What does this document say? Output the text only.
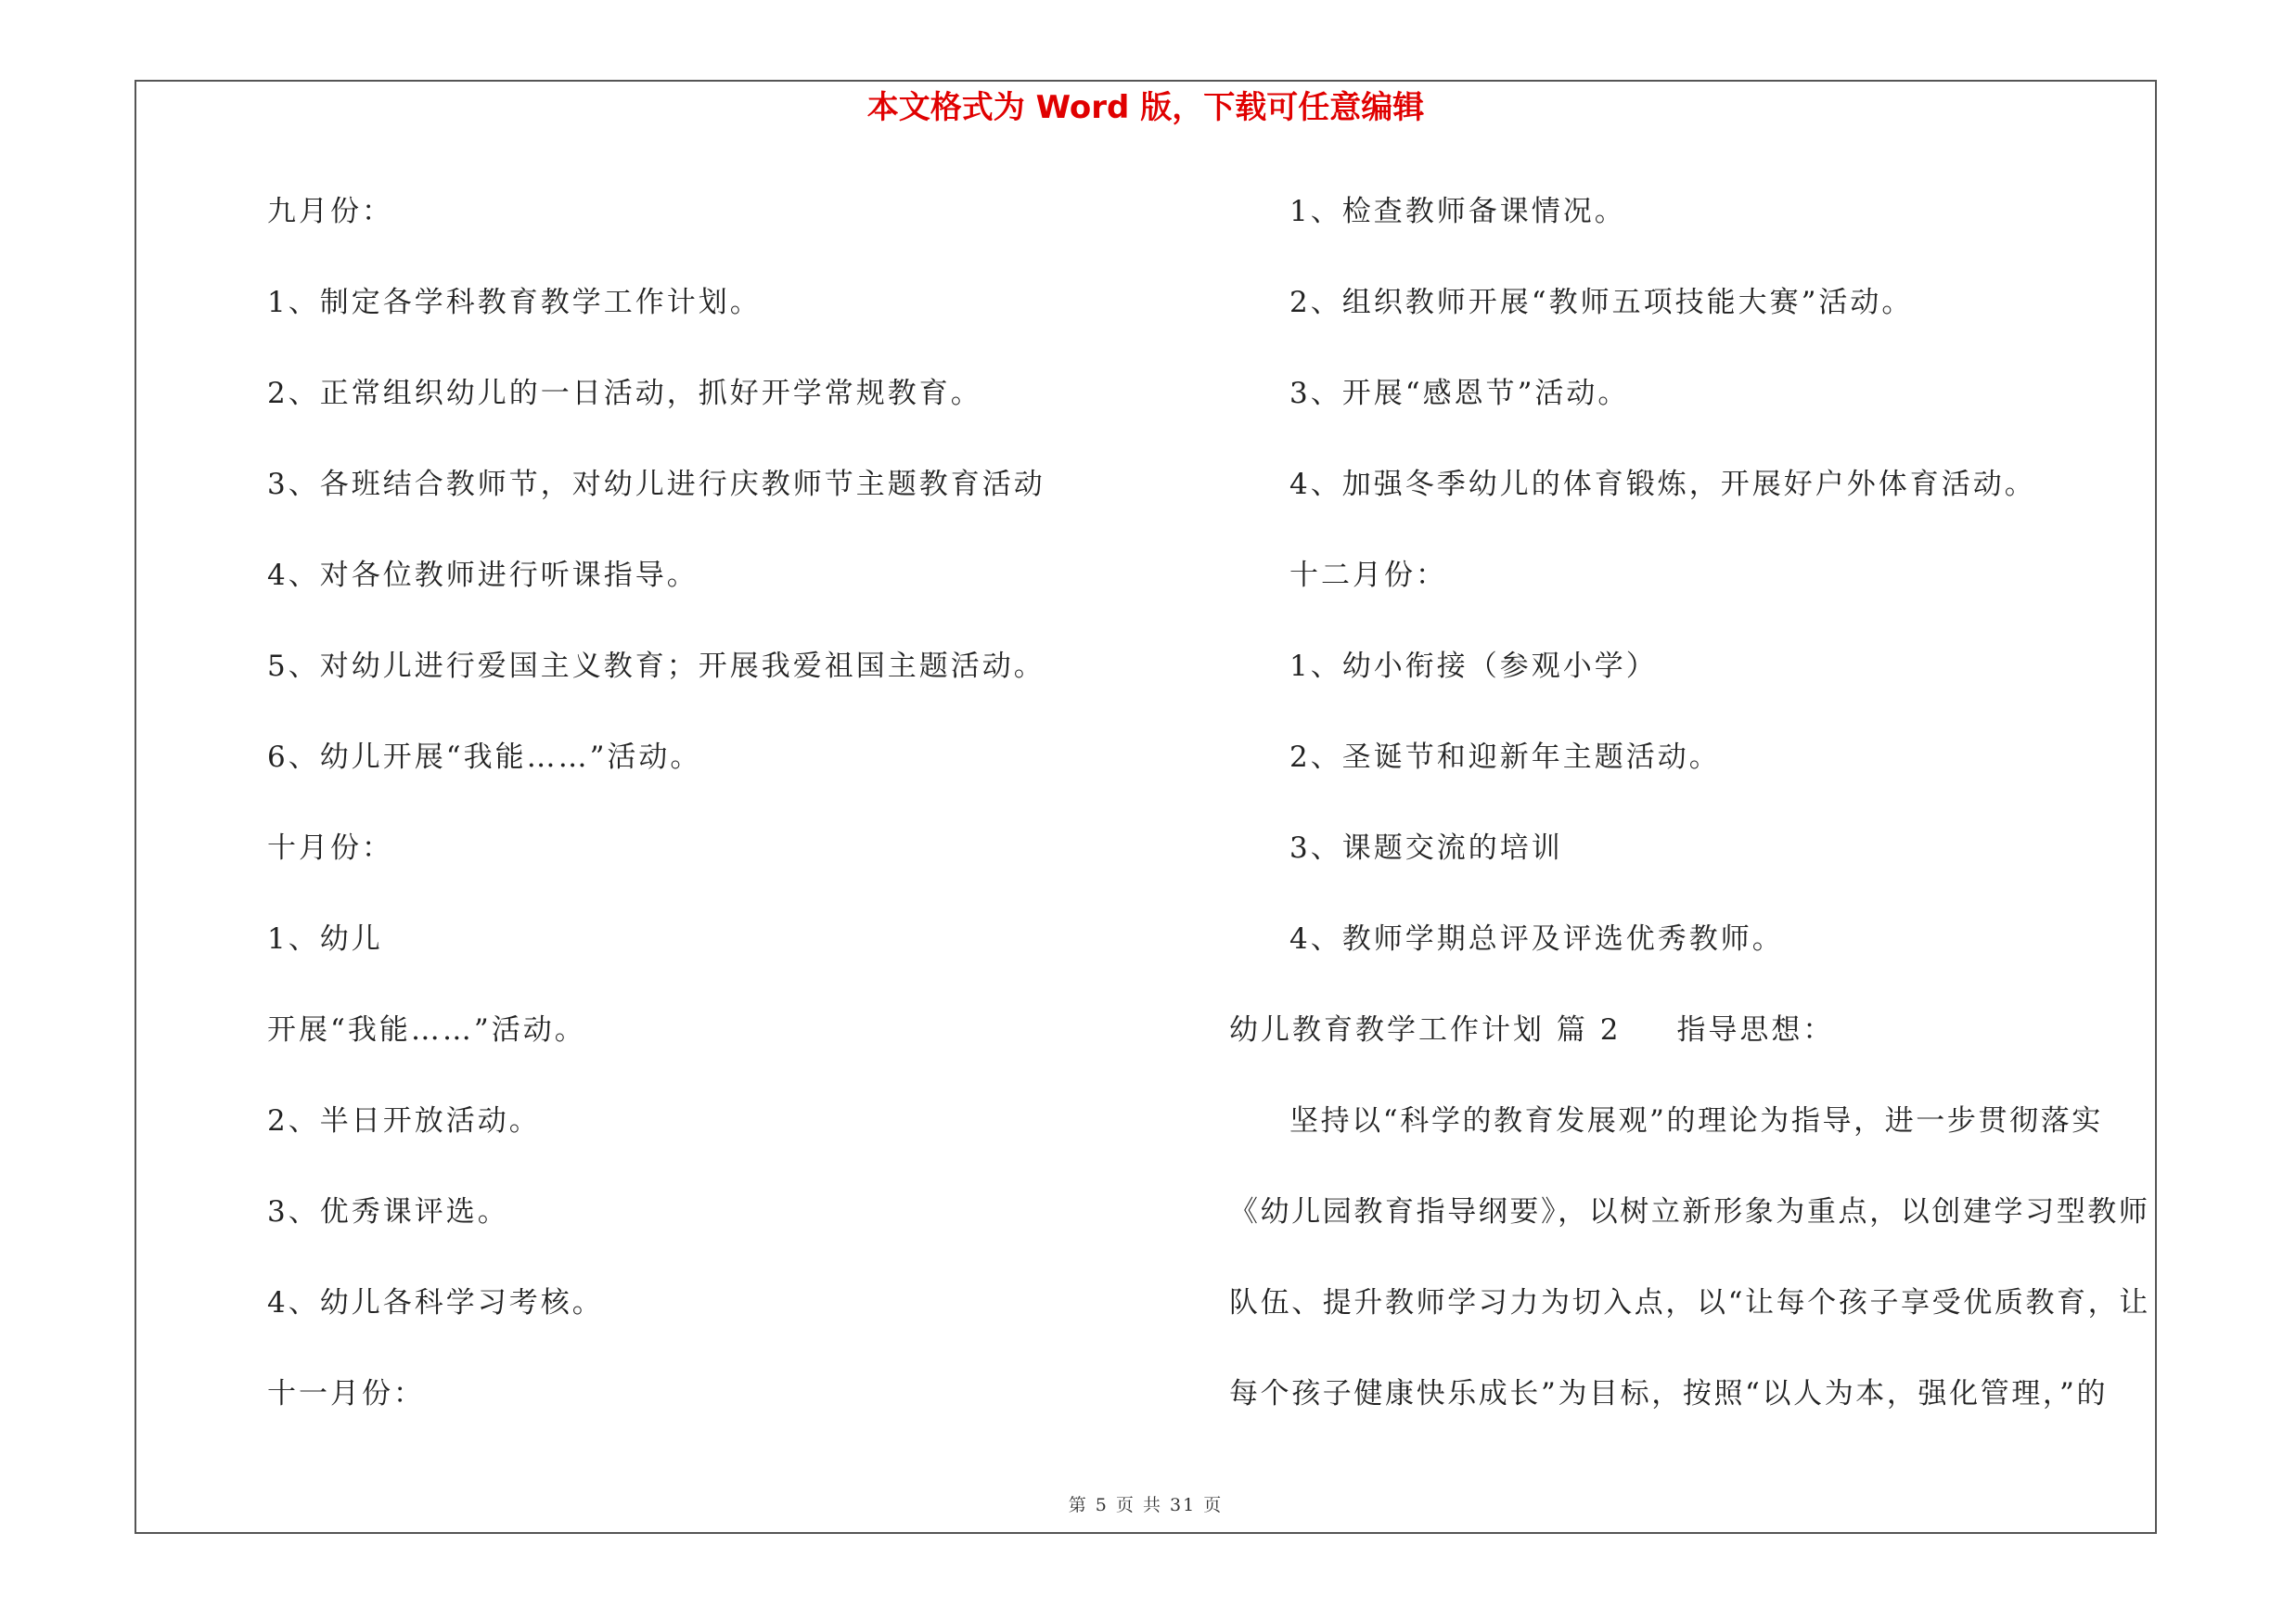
本文格式为 Word 版，下载可任意编辑
九月份：
1、制定各学科教育教学工作计划。
2、正常组织幼儿的一日活动，抓好开学常规教育。
3、各班结合教师节，对幼儿进行庆教师节主题教育活动
4、对各位教师进行听课指导。
5、对幼儿进行爱国主义教育；开展我爱祖国主题活动。
6、幼儿开展“我能……”活动。
十月份：
1、幼儿
开展“我能……”活动。
2、半日开放活动。
3、优秀课评选。
4、幼儿各科学习考核。
十一月份：
1、检查教师备课情况。
2、组织教师开展“教师五项技能大赛”活动。
3、开展“感恩节”活动。
4、加强冬季幼儿的体育锻炼，开展好户外体育活动。
十二月份：
1、幼小衔接（参观小学）
2、圣诞节和迎新年主题活动。
3、课题交流的培训
4、教师学期总评及评选优秀教师。
幼儿教育教学工作计划 篇 2 指导思想：
坚持以“科学的教育发展观”的理论为指导，进一步贯彻落实
《幼儿园教育指导纲要》，以树立新形象为重点，以创建学习型教师
队伍、提升教师学习力为切入点，以“让每个孩子享受优质教育，让
每个孩子健康快乐成长”为目标，按照“以人为本，强化管理，”的
第 5 页 共 31 页
